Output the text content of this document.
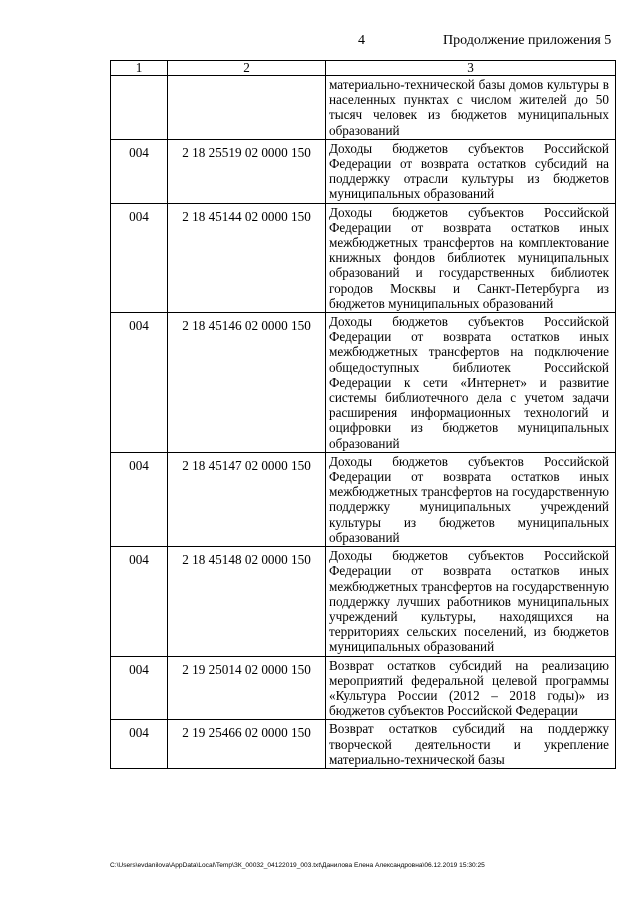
4	Продолжение приложения 5
1	2	3
		материально-технической базы домов культуры в населенных пунктах с числом жителей до 50 тысяч человек из бюджетов муниципальных образований
004	2 18 25519 02 0000 150	Доходы бюджетов субъектов Российской Федерации от возврата остатков субсидий на поддержку отрасли культуры из бюджетов муниципальных образований
004	2 18 45144 02 0000 150	Доходы бюджетов субъектов Российской Федерации от возврата остатков иных межбюджетных трансфертов на комплектование книжных фондов библиотек муниципальных образований и государственных библиотек городов Москвы и Санкт-Петербурга из бюджетов муниципальных образований
004	2 18 45146 02 0000 150	Доходы бюджетов субъектов Российской Федерации от возврата остатков иных межбюджетных трансфертов на подключение общедоступных библиотек Российской Федерации к сети «Интернет» и развитие системы библиотечного дела с учетом задачи расширения информационных технологий и оцифровки из бюджетов муниципальных образований
004	2 18 45147 02 0000 150	Доходы бюджетов субъектов Российской Федерации от возврата остатков иных межбюджетных трансфертов на государственную поддержку муниципальных учреждений культуры из бюджетов муниципальных образований
004	2 18 45148 02 0000 150	Доходы бюджетов субъектов Российской Федерации от возврата остатков иных межбюджетных трансфертов на государственную поддержку лучших работников муниципальных учреждений культуры, находящихся на территориях сельских поселений, из бюджетов муниципальных образований
004	2 19 25014 02 0000 150	Возврат остатков субсидий на реализацию мероприятий федеральной целевой программы «Культура России (2012 – 2018 годы)» из бюджетов субъектов Российской Федерации
004	2 19 25466 02 0000 150	Возврат остатков субсидий на поддержку творческой деятельности и укрепление материально-технической базы
C:\Users\evdanilova\AppData\Local\Temp\ЗК_00032_04122019_003.txt\Данилова Елена Александровна\06.12.2019 15:30:25
